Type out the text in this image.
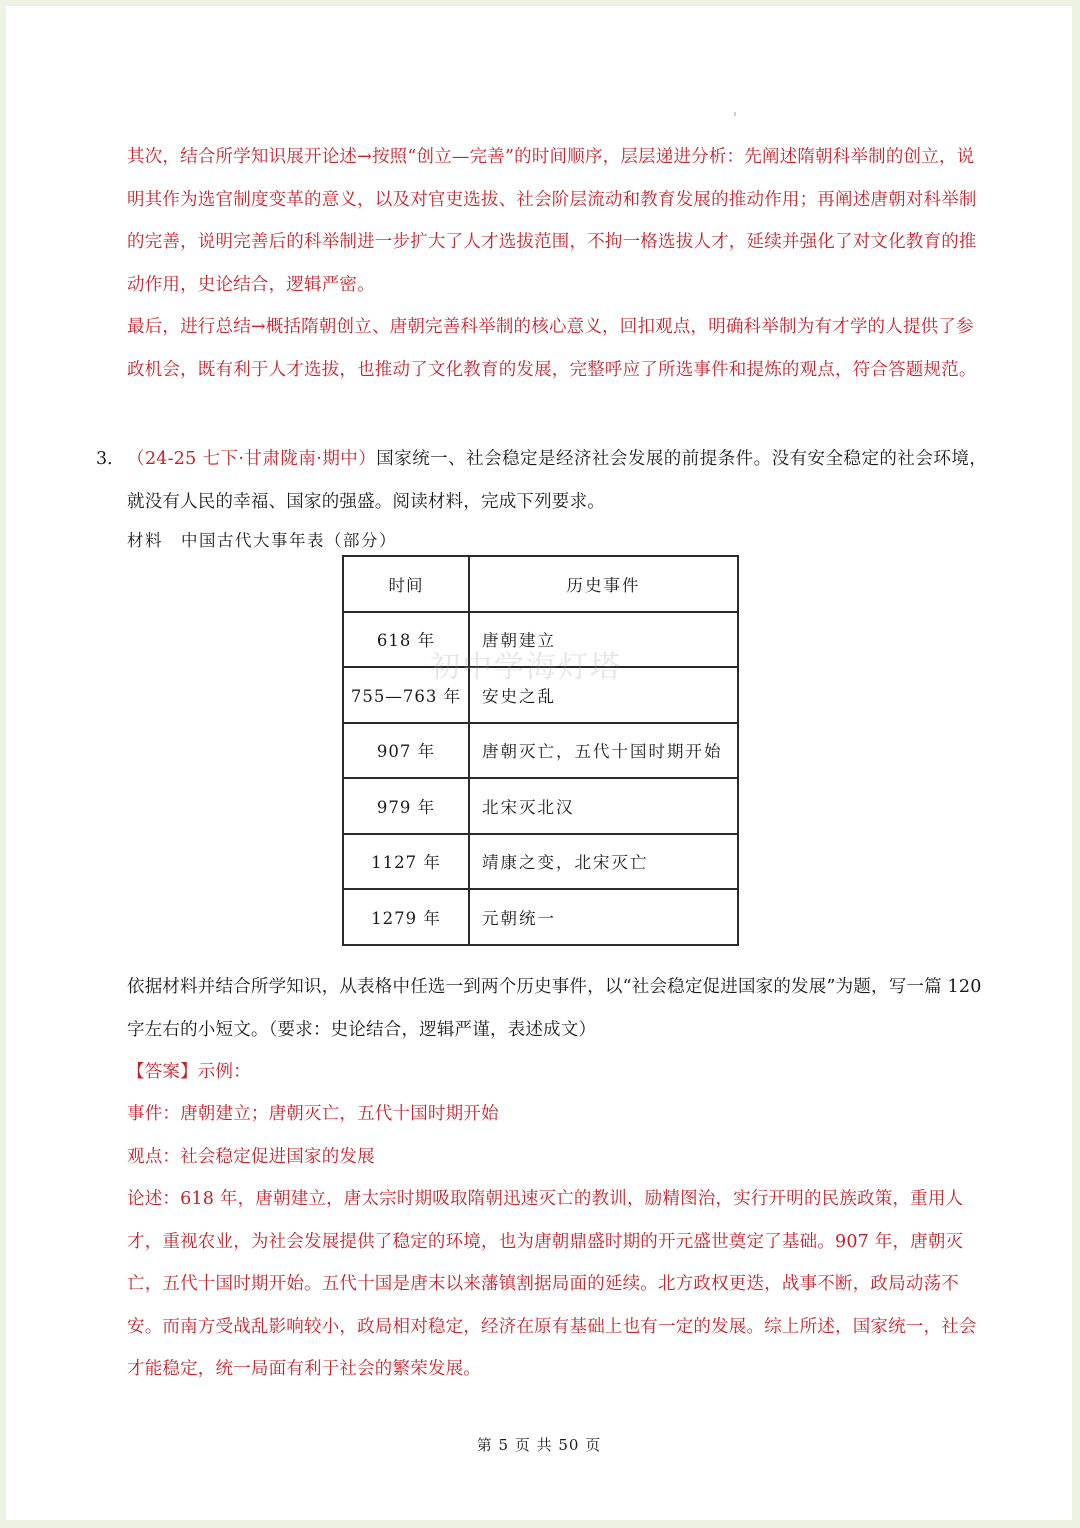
其次，结合所学知识展开论述→按照“创立—完善”的时间顺序，层层递进分析：先阐述隋朝科举制的创立，说明其作为选官制度变革的意义，以及对官吏选拔、社会阶层流动和教育发展的推动作用；再阐述唐朝对科举制的完善，说明完善后的科举制进一步扩大了人才选拔范围，不拘一格选拔人才，延续并强化了对文化教育的推动作用，史论结合，逻辑严密。

最后，进行总结→概括隋朝创立、唐朝完善科举制的核心意义，回扣观点，明确科举制为有才学的人提供了参政机会，既有利于人才选拔，也推动了文化教育的发展，完整呼应了所选事件和提炼的观点，符合答题规范。

3． （24-25 七下·甘肃陇南·期中）国家统一、社会稳定是经济社会发展的前提条件。没有安全稳定的社会环境，就没有人民的幸福、国家的强盛。阅读材料，完成下列要求。

材料　中国古代大事年表（部分）
时间	历史事件
618 年	唐朝建立
755—763 年	安史之乱
907 年	唐朝灭亡，五代十国时期开始
979 年	北宋灭北汉
1127 年	靖康之变，北宋灭亡
1279 年	元朝统一
初中学海灯塔

依据材料并结合所学知识，从表格中任选一到两个历史事件，以“社会稳定促进国家的发展”为题，写一篇 120 字左右的小短文。（要求：史论结合，逻辑严谨，表述成文）

【答案】示例：

事件：唐朝建立；唐朝灭亡，五代十国时期开始

观点：社会稳定促进国家的发展

论述：618 年，唐朝建立，唐太宗时期吸取隋朝迅速灭亡的教训，励精图治，实行开明的民族政策，重用人才，重视农业，为社会发展提供了稳定的环境，也为唐朝鼎盛时期的开元盛世奠定了基础。907 年，唐朝灭亡，五代十国时期开始。五代十国是唐末以来藩镇割据局面的延续。北方政权更迭，战事不断，政局动荡不安。而南方受战乱影响较小，政局相对稳定，经济在原有基础上也有一定的发展。综上所述，国家统一，社会才能稳定，统一局面有利于社会的繁荣发展。

第 5 页 共 50 页
